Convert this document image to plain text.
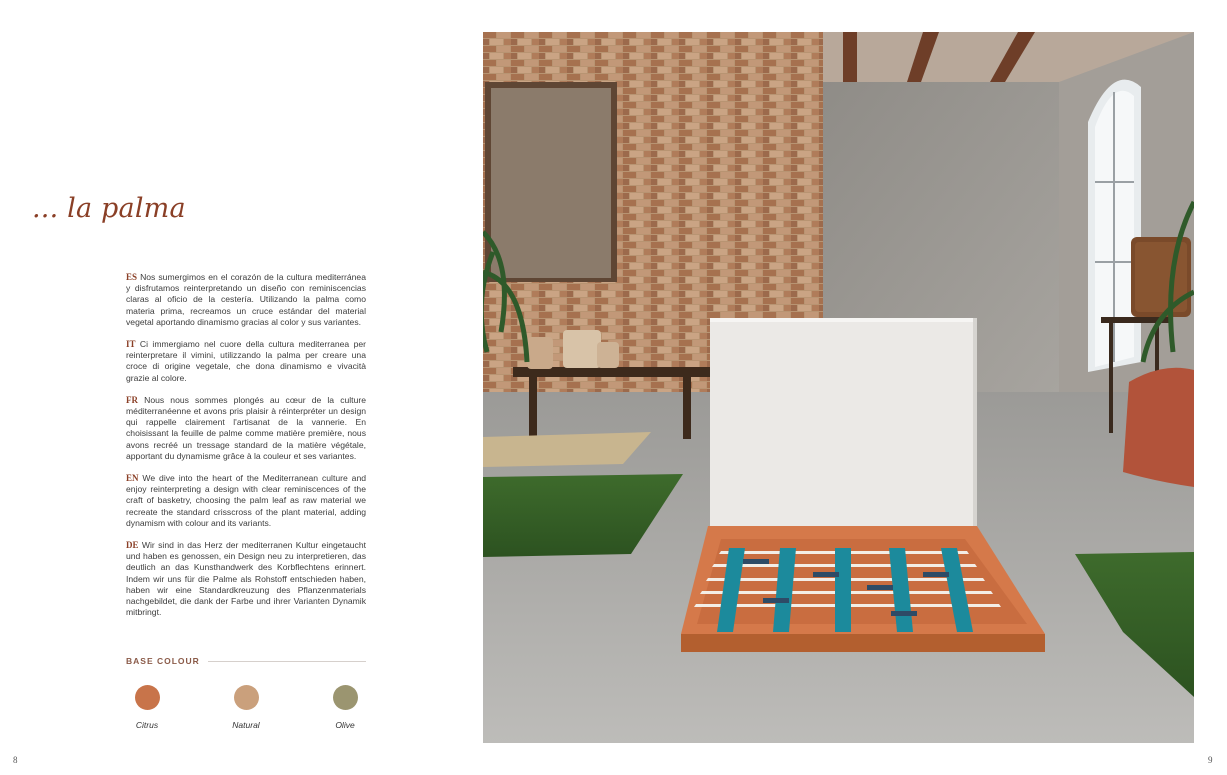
... la palma

ES Nos sumergimos en el corazón de la cultura mediterránea y disfrutamos reinterpretando un diseño con reminiscencias claras al oficio de la cestería. Utilizando la palma como materia prima, recreamos un cruce estándar del material vegetal aportando dinamismo gracias al color y sus variantes.

IT Ci immergiamo nel cuore della cultura mediterranea per reinterpretare il vimini, utilizzando la palma per creare una croce di origine vegetale, che dona dinamismo e vivacità grazie al colore.

FR Nous nous sommes plongés au cœur de la culture méditerranéenne et avons pris plaisir à réinterpréter un design qui rappelle clairement l'artisanat de la vannerie. En choisissant la feuille de palme comme matière première, nous avons recréé un tressage standard de la matière végétale, apportant du dynamisme grâce à la couleur et ses variantes.

EN We dive into the heart of the Mediterranean culture and enjoy reinterpreting a design with clear reminiscences of the craft of basketry, choosing the palm leaf as raw material we recreate the standard crisscross of the plant material, adding dynamism with colour and its variants.

DE Wir sind in das Herz der mediterranen Kultur eingetaucht und haben es genossen, ein Design neu zu interpretieren, das deutlich an das Kunsthandwerk des Korbflechtens erinnert. Indem wir uns für die Palme als Rohstoff entschieden haben, haben wir eine Standardkreuzung des Pflanzenmaterials nachgebildet, die dank der Farbe und ihrer Varianten Dynamik mitbringt.

BASE COLOUR
Citrus	Natural	Olive
8	9
